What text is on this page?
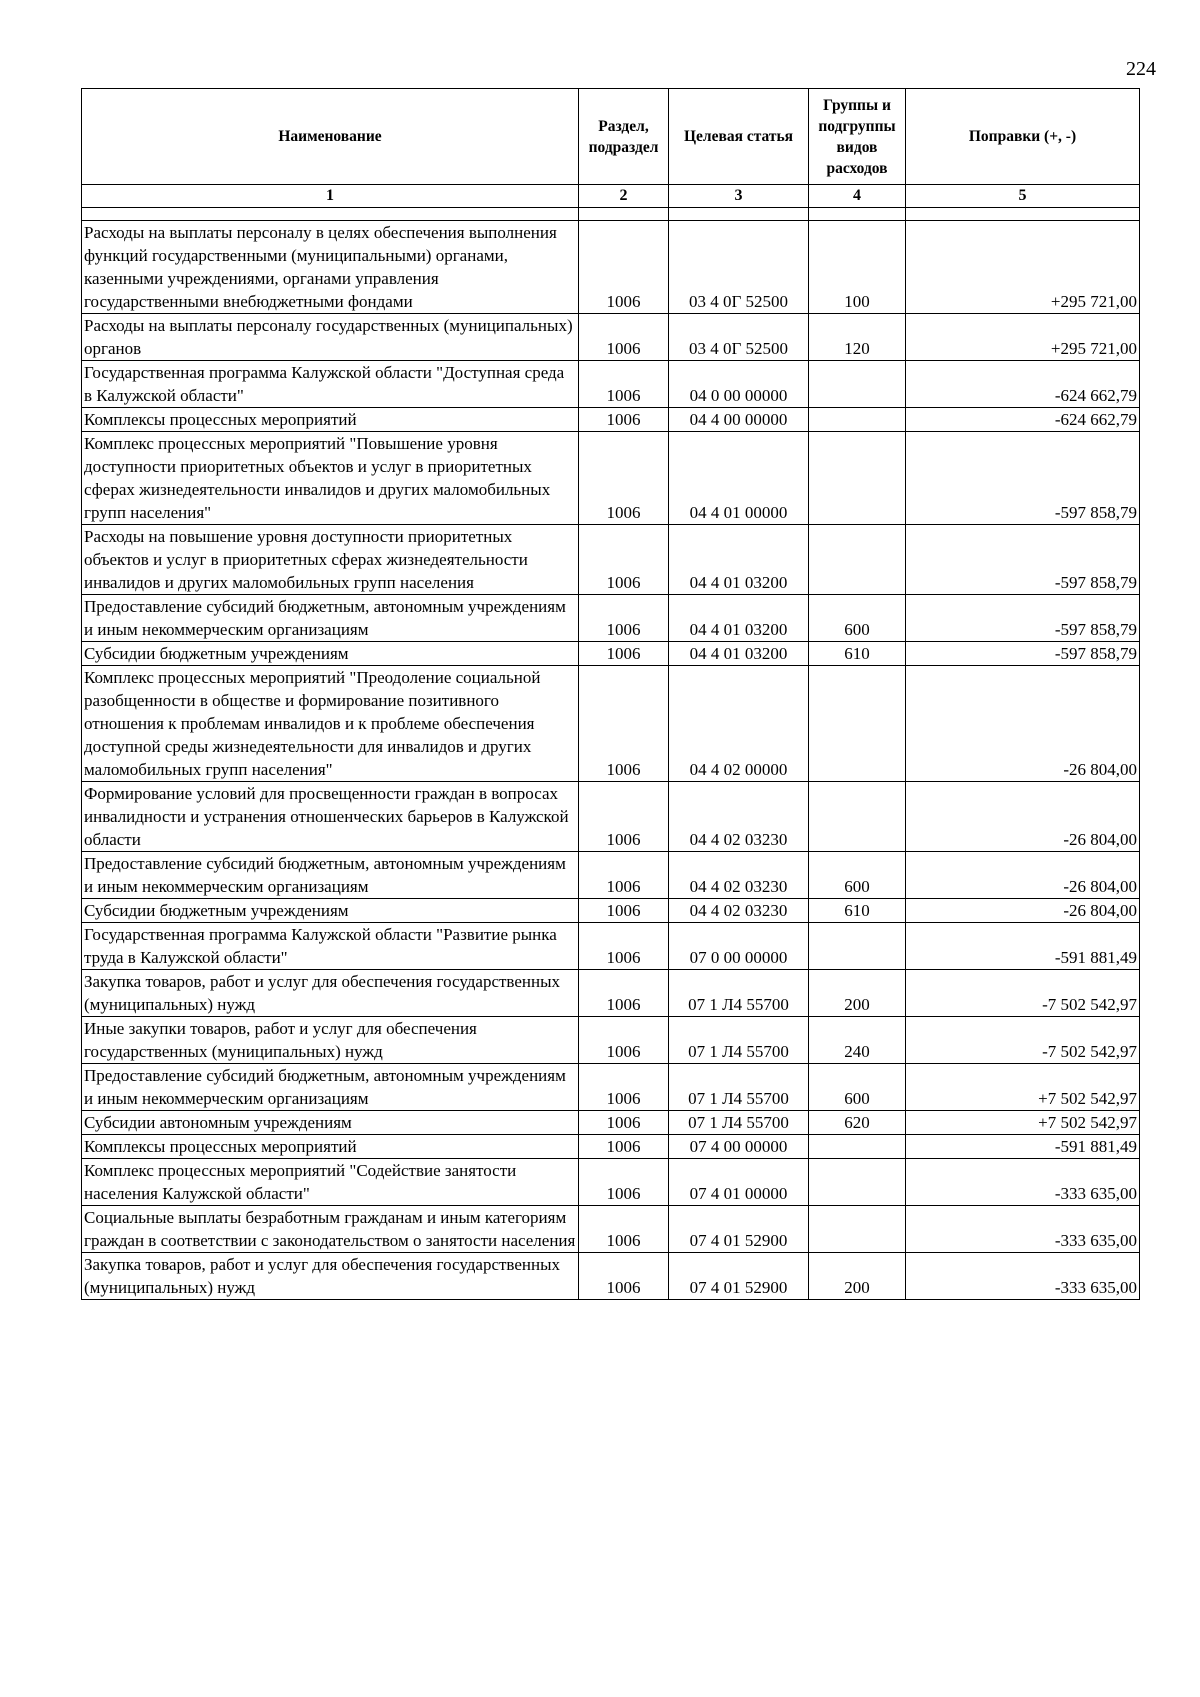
224
Наименование	Раздел, подраздел	Целевая статья	Группы и подгруппы видов расходов	Поправки (+, -)
1	2	3	4	5

Расходы на выплаты персоналу в целях обеспечения выполнения функций государственными (муниципальными) органами, казенными учреждениями, органами управления государственными внебюджетными фондами	1006	03 4 0Г 52500	100	+295 721,00
Расходы на выплаты персоналу государственных (муниципальных) органов	1006	03 4 0Г 52500	120	+295 721,00
Государственная программа Калужской области "Доступная среда в Калужской области"	1006	04 0 00 00000		-624 662,79
Комплексы процессных мероприятий	1006	04 4 00 00000		-624 662,79
Комплекс процессных мероприятий "Повышение уровня доступности приоритетных объектов и услуг в приоритетных сферах жизнедеятельности инвалидов и других маломобильных групп населения"	1006	04 4 01 00000		-597 858,79
Расходы на повышение уровня доступности приоритетных объектов и услуг в приоритетных сферах жизнедеятельности инвалидов и других маломобильных групп населения	1006	04 4 01 03200		-597 858,79
Предоставление субсидий бюджетным, автономным учреждениям и иным некоммерческим организациям	1006	04 4 01 03200	600	-597 858,79
Субсидии бюджетным учреждениям	1006	04 4 01 03200	610	-597 858,79
Комплекс процессных мероприятий "Преодоление социальной разобщенности в обществе и формирование позитивного отношения к проблемам инвалидов и к проблеме обеспечения доступной среды жизнедеятельности для инвалидов и других маломобильных групп населения"	1006	04 4 02 00000		-26 804,00
Формирование условий для просвещенности граждан в вопросах инвалидности и устранения отношенческих барьеров в Калужской области	1006	04 4 02 03230		-26 804,00
Предоставление субсидий бюджетным, автономным учреждениям и иным некоммерческим организациям	1006	04 4 02 03230	600	-26 804,00
Субсидии бюджетным учреждениям	1006	04 4 02 03230	610	-26 804,00
Государственная программа Калужской области "Развитие рынка труда в Калужской области"	1006	07 0 00 00000		-591 881,49
Закупка товаров, работ и услуг для обеспечения государственных (муниципальных) нужд	1006	07 1 Л4 55700	200	-7 502 542,97
Иные закупки товаров, работ и услуг для обеспечения государственных (муниципальных) нужд	1006	07 1 Л4 55700	240	-7 502 542,97
Предоставление субсидий бюджетным, автономным учреждениям и иным некоммерческим организациям	1006	07 1 Л4 55700	600	+7 502 542,97
Субсидии автономным учреждениям	1006	07 1 Л4 55700	620	+7 502 542,97
Комплексы процессных мероприятий	1006	07 4 00 00000		-591 881,49
Комплекс процессных мероприятий "Содействие занятости населения Калужской области"	1006	07 4 01 00000		-333 635,00
Социальные выплаты безработным гражданам и иным категориям граждан в соответствии с законодательством о занятости населения	1006	07 4 01 52900		-333 635,00
Закупка товаров, работ и услуг для обеспечения государственных (муниципальных) нужд	1006	07 4 01 52900	200	-333 635,00
